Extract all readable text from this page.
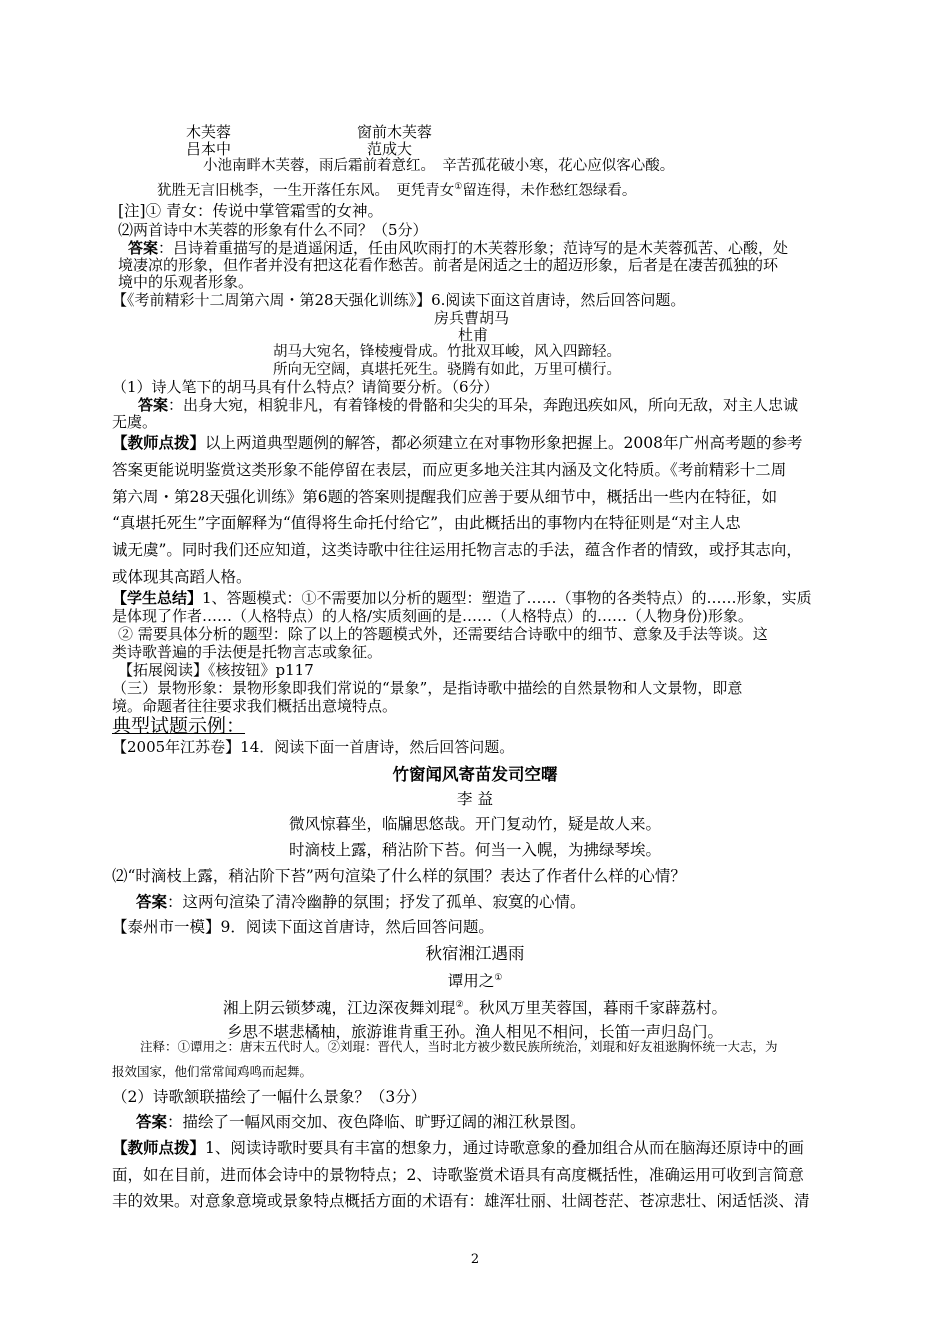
木芙蓉	窗前木芙蓉
吕本中	范成大
小池南畔木芙蓉，雨后霜前着意红。　辛苦孤花破小寒，花心应似客心酸。
犹胜无言旧桃李，一生开落任东风。　更凭青女①留连得，未作愁红怨绿看。
[注]① 青女：传说中掌管霜雪的女神。
⑵两首诗中木芙蓉的形象有什么不同？（5分）
答案：吕诗着重描写的是逍遥闲适，任由风吹雨打的木芙蓉形象；范诗写的是木芙蓉孤苦、心酸，处
境凄凉的形象，但作者并没有把这花看作愁苦。前者是闲适之士的超迈形象，后者是在凄苦孤独的环
境中的乐观者形象。
【《考前精彩十二周第六周・第28天强化训练》】6.阅读下面这首唐诗，然后回答问题。
房兵曹胡马
杜甫
胡马大宛名，锋棱瘦骨成。竹批双耳峻，风入四蹄轻。
所向无空阔，真堪托死生。骁腾有如此，万里可横行。
（1）诗人笔下的胡马具有什么特点？请简要分析。（6分）
答案：出身大宛，相貌非凡，有着锋棱的骨骼和尖尖的耳朵，奔跑迅疾如风，所向无敌，对主人忠诚
无虞。
【教师点拨】以上两道典型题例的解答，都必须建立在对事物形象把握上。2008年广州高考题的参考
答案更能说明鉴赏这类形象不能停留在表层，而应更多地关注其内涵及文化特质。《考前精彩十二周
第六周・第28天强化训练》第6题的答案则提醒我们应善于要从细节中，概括出一些内在特征，如
“真堪托死生”字面解释为“值得将生命托付给它”，由此概括出的事物内在特征则是“对主人忠
诚无虞”。同时我们还应知道，这类诗歌中往往运用托物言志的手法，蕴含作者的情致，或抒其志向，
或体现其高蹈人格。
【学生总结】1、答题模式：①不需要加以分析的题型：塑造了……（事物的各类特点）的……形象，实质
是体现了作者……（人格特点）的人格/实质刻画的是……（人格特点）的……（人物身份)形象。
② 需要具体分析的题型：除了以上的答题模式外，还需要结合诗歌中的细节、意象及手法等谈。这
类诗歌普遍的手法便是托物言志或象征。
【拓展阅读】《核按钮》p117
（三）景物形象：景物形象即我们常说的“景象”，是指诗歌中描绘的自然景物和人文景物，即意
境。命题者往往要求我们概括出意境特点。
典型试题示例：
【2005年江苏卷】14．阅读下面一首唐诗，然后回答问题。
竹窗闻风寄苗发司空曙
李 益
微风惊暮坐，临牖思悠哉。开门复动竹，疑是故人来。
时滴枝上露，稍沾阶下苔。何当一入幌，为拂绿琴埃。
⑵“时滴枝上露，稍沾阶下苔”两句渲染了什么样的氛围？表达了作者什么样的心情？
答案：这两句渲染了清冷幽静的氛围；抒发了孤单、寂寞的心情。
【泰州市一模】9．阅读下面这首唐诗，然后回答问题。
秋宿湘江遇雨
谭用之①
湘上阴云锁梦魂，江边深夜舞刘琨②。秋风万里芙蓉国，暮雨千家薜荔村。
乡思不堪悲橘柚，旅游谁肯重王孙。渔人相见不相问，长笛一声归岛门。
注释：①谭用之：唐末五代时人。②刘琨：晋代人，当时北方被少数民族所统治，刘琨和好友祖逖胸怀统一大志，为
报效国家，他们常常闻鸡鸣而起舞。
（2）诗歌颔联描绘了一幅什么景象？（3分）
答案：描绘了一幅风雨交加、夜色降临、旷野辽阔的湘江秋景图。
【教师点拨】1、阅读诗歌时要具有丰富的想象力，通过诗歌意象的叠加组合从而在脑海还原诗中的画
面，如在目前，进而体会诗中的景物特点；2、诗歌鉴赏术语具有高度概括性，准确运用可收到言简意
丰的效果。对意象意境或景象特点概括方面的术语有：雄浑壮丽、壮阔苍茫、苍凉悲壮、闲适恬淡、清
2
